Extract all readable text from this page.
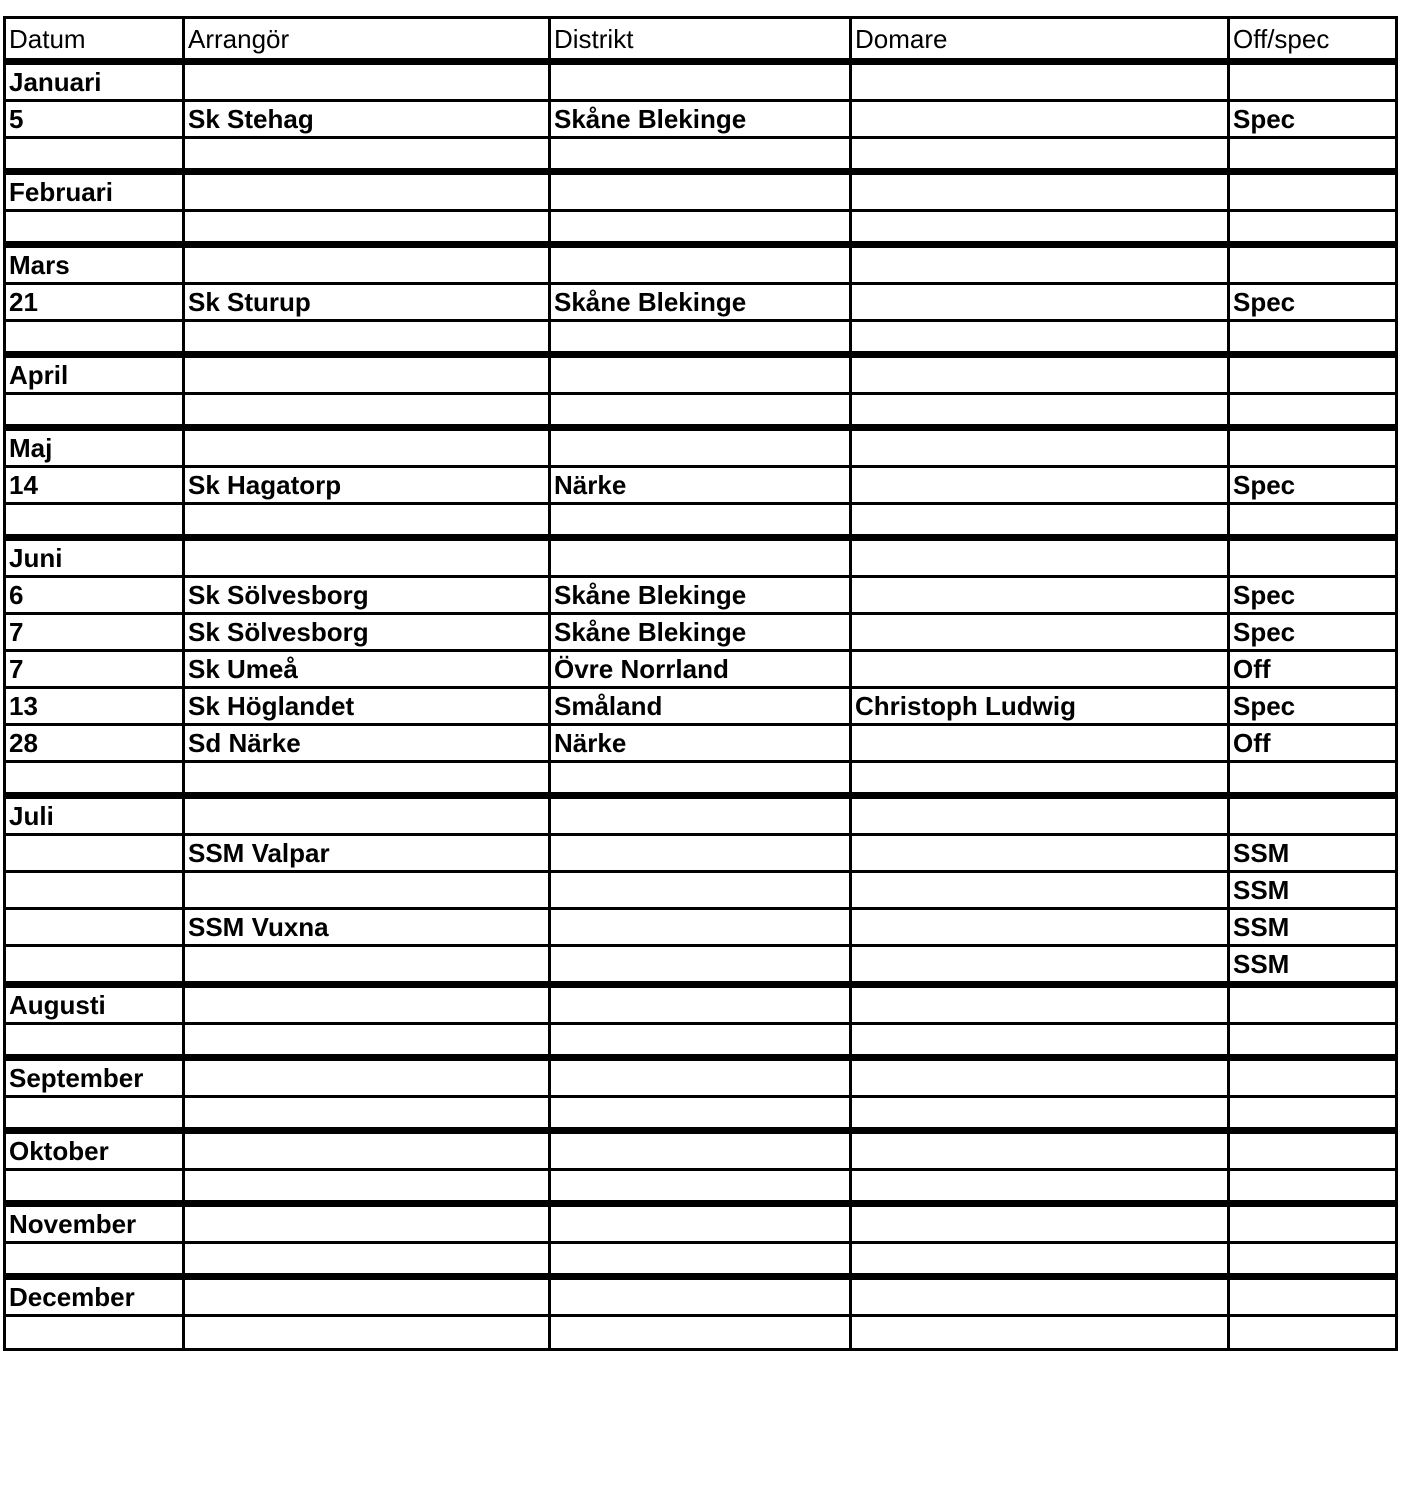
Datum	Arrangör	Distrikt	Domare	Off/spec
Januari				
5	Sk Stehag	Skåne Blekinge		Spec

Februari				

Mars				
21	Sk Sturup	Skåne Blekinge		Spec

April				

Maj				
14	Sk Hagatorp	Närke		Spec

Juni				
6	Sk Sölvesborg	Skåne Blekinge		Spec
7	Sk Sölvesborg	Skåne Blekinge		Spec
7	Sk Umeå	Övre Norrland		Off
13	Sk Höglandet	Småland	Christoph Ludwig	Spec
28	Sd Närke	Närke		Off

Juli				
	SSM Valpar			SSM
				SSM
	SSM Vuxna			SSM
				SSM
Augusti				

September				

Oktober				

November				

December				
